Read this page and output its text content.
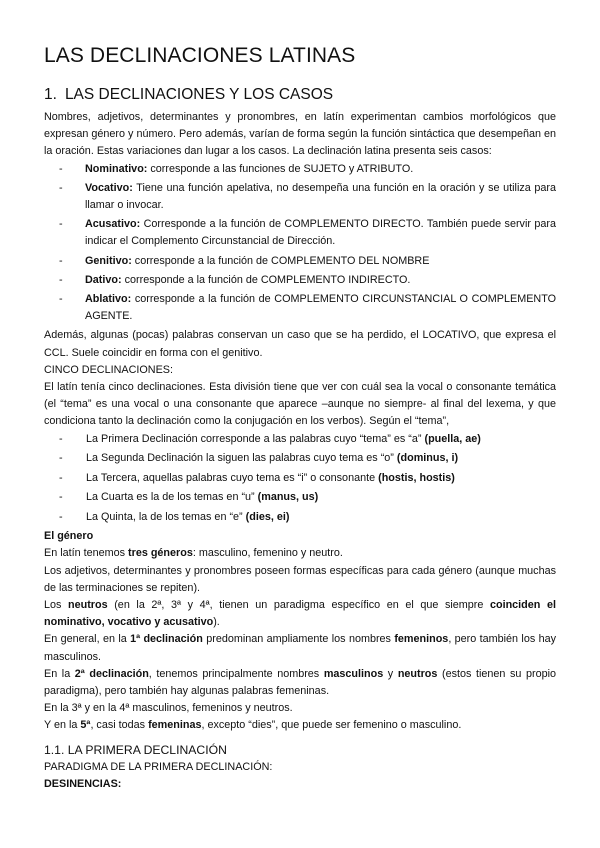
LAS DECLINACIONES LATINAS
1. LAS DECLINACIONES Y LOS CASOS

Nombres, adjetivos, determinantes y pronombres, en latín experimentan cambios morfológicos que expresan género y número. Pero además, varían de forma según la función sintáctica que desempeñan en la oración. Estas variaciones dan lugar a los casos. La declinación latina presenta seis casos:

- Nominativo: corresponde a las funciones de SUJETO y ATRIBUTO.
- Vocativo: Tiene una función apelativa, no desempeña una función en la oración y se utiliza para llamar o invocar.
- Acusativo: Corresponde a la función de COMPLEMENTO DIRECTO. También puede servir para indicar el Complemento Circunstancial de Dirección.
- Genitivo: corresponde a la función de COMPLEMENTO DEL NOMBRE
- Dativo: corresponde a la función de COMPLEMENTO INDIRECTO.
- Ablativo: corresponde a la función de COMPLEMENTO CIRCUNSTANCIAL O COMPLEMENTO AGENTE.

Además, algunas (pocas) palabras conservan un caso que se ha perdido, el LOCATIVO, que expresa el CCL. Suele coincidir en forma con el genitivo.

CINCO DECLINACIONES:

El latín tenía cinco declinaciones. Esta división tiene que ver con cuál sea la vocal o consonante temática (el “tema” es una vocal o una consonante que aparece –aunque no siempre- al final del lexema, y que condiciona tanto la declinación como la conjugación en los verbos). Según el “tema”,

- La Primera Declinación corresponde a las palabras cuyo “tema” es “a” (puella, ae)
- La Segunda Declinación la siguen las palabras cuyo tema es “o” (dominus, i)
- La Tercera, aquellas palabras cuyo tema es “i” o consonante (hostis, hostis)
- La Cuarta es la de los temas en “u” (manus, us)
- La Quinta, la de los temas en “e” (dies, ei)

El género

En latín tenemos tres géneros: masculino, femenino y neutro.

Los adjetivos, determinantes y pronombres poseen formas específicas para cada género (aunque muchas de las terminaciones se repiten).

Los neutros (en la 2ª, 3ª y 4ª, tienen un paradigma específico en el que siempre coinciden el nominativo, vocativo y acusativo).

En general, en la 1ª declinación predominan ampliamente los nombres femeninos, pero también los hay masculinos.

En la 2ª declinación, tenemos principalmente nombres masculinos y neutros (estos tienen su propio paradigma), pero también hay algunas palabras femeninas.

En la 3ª y en la 4ª masculinos, femeninos y neutros.

Y en la 5ª, casi todas femeninas, excepto “dies”, que puede ser femenino o masculino.

1.1. LA PRIMERA DECLINACIÓN

PARADIGMA DE LA PRIMERA DECLINACIÓN:

DESINENCIAS:
